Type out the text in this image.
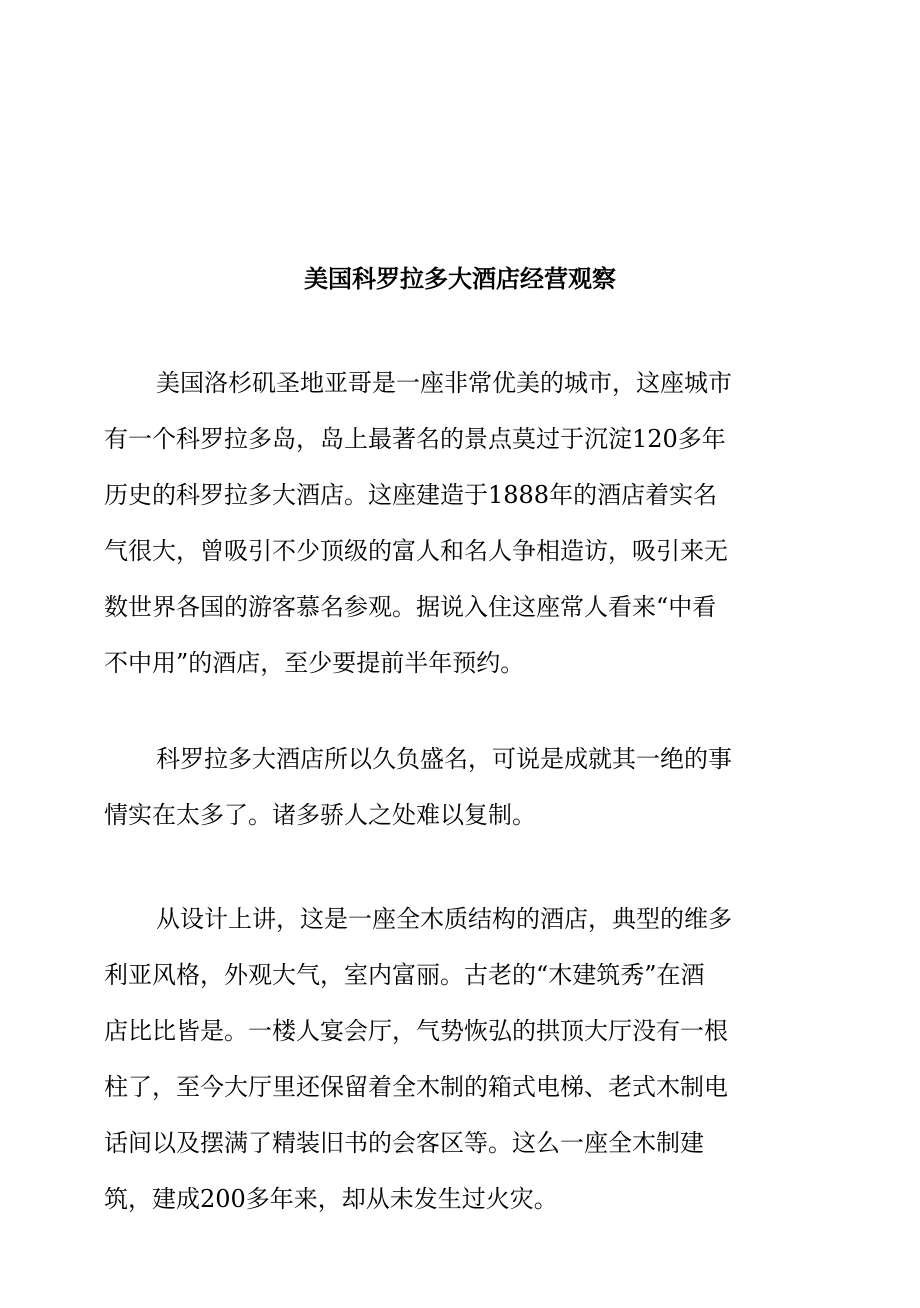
美国科罗拉多大酒店经营观察
美国洛杉矶圣地亚哥是一座非常优美的城市，这座城市
有一个科罗拉多岛，岛上最著名的景点莫过于沉淀120多年
历史的科罗拉多大酒店。这座建造于1888年的酒店着实名
气很大，曾吸引不少顶级的富人和名人争相造访，吸引来无
数世界各国的游客慕名参观。据说入住这座常人看来“中看
不中用”的酒店，至少要提前半年预约。
科罗拉多大酒店所以久负盛名，可说是成就其一绝的事
情实在太多了。诸多骄人之处难以复制。
从设计上讲，这是一座全木质结构的酒店，典型的维多
利亚风格，外观大气，室内富丽。古老的“木建筑秀”在酒
店比比皆是。一楼人宴会厅，气势恢弘的拱顶大厅没有一根
柱了，至今大厅里还保留着全木制的箱式电梯、老式木制电
话间以及摆满了精装旧书的会客区等。这么一座全木制建
筑，建成200多年来，却从未发生过火灾。
